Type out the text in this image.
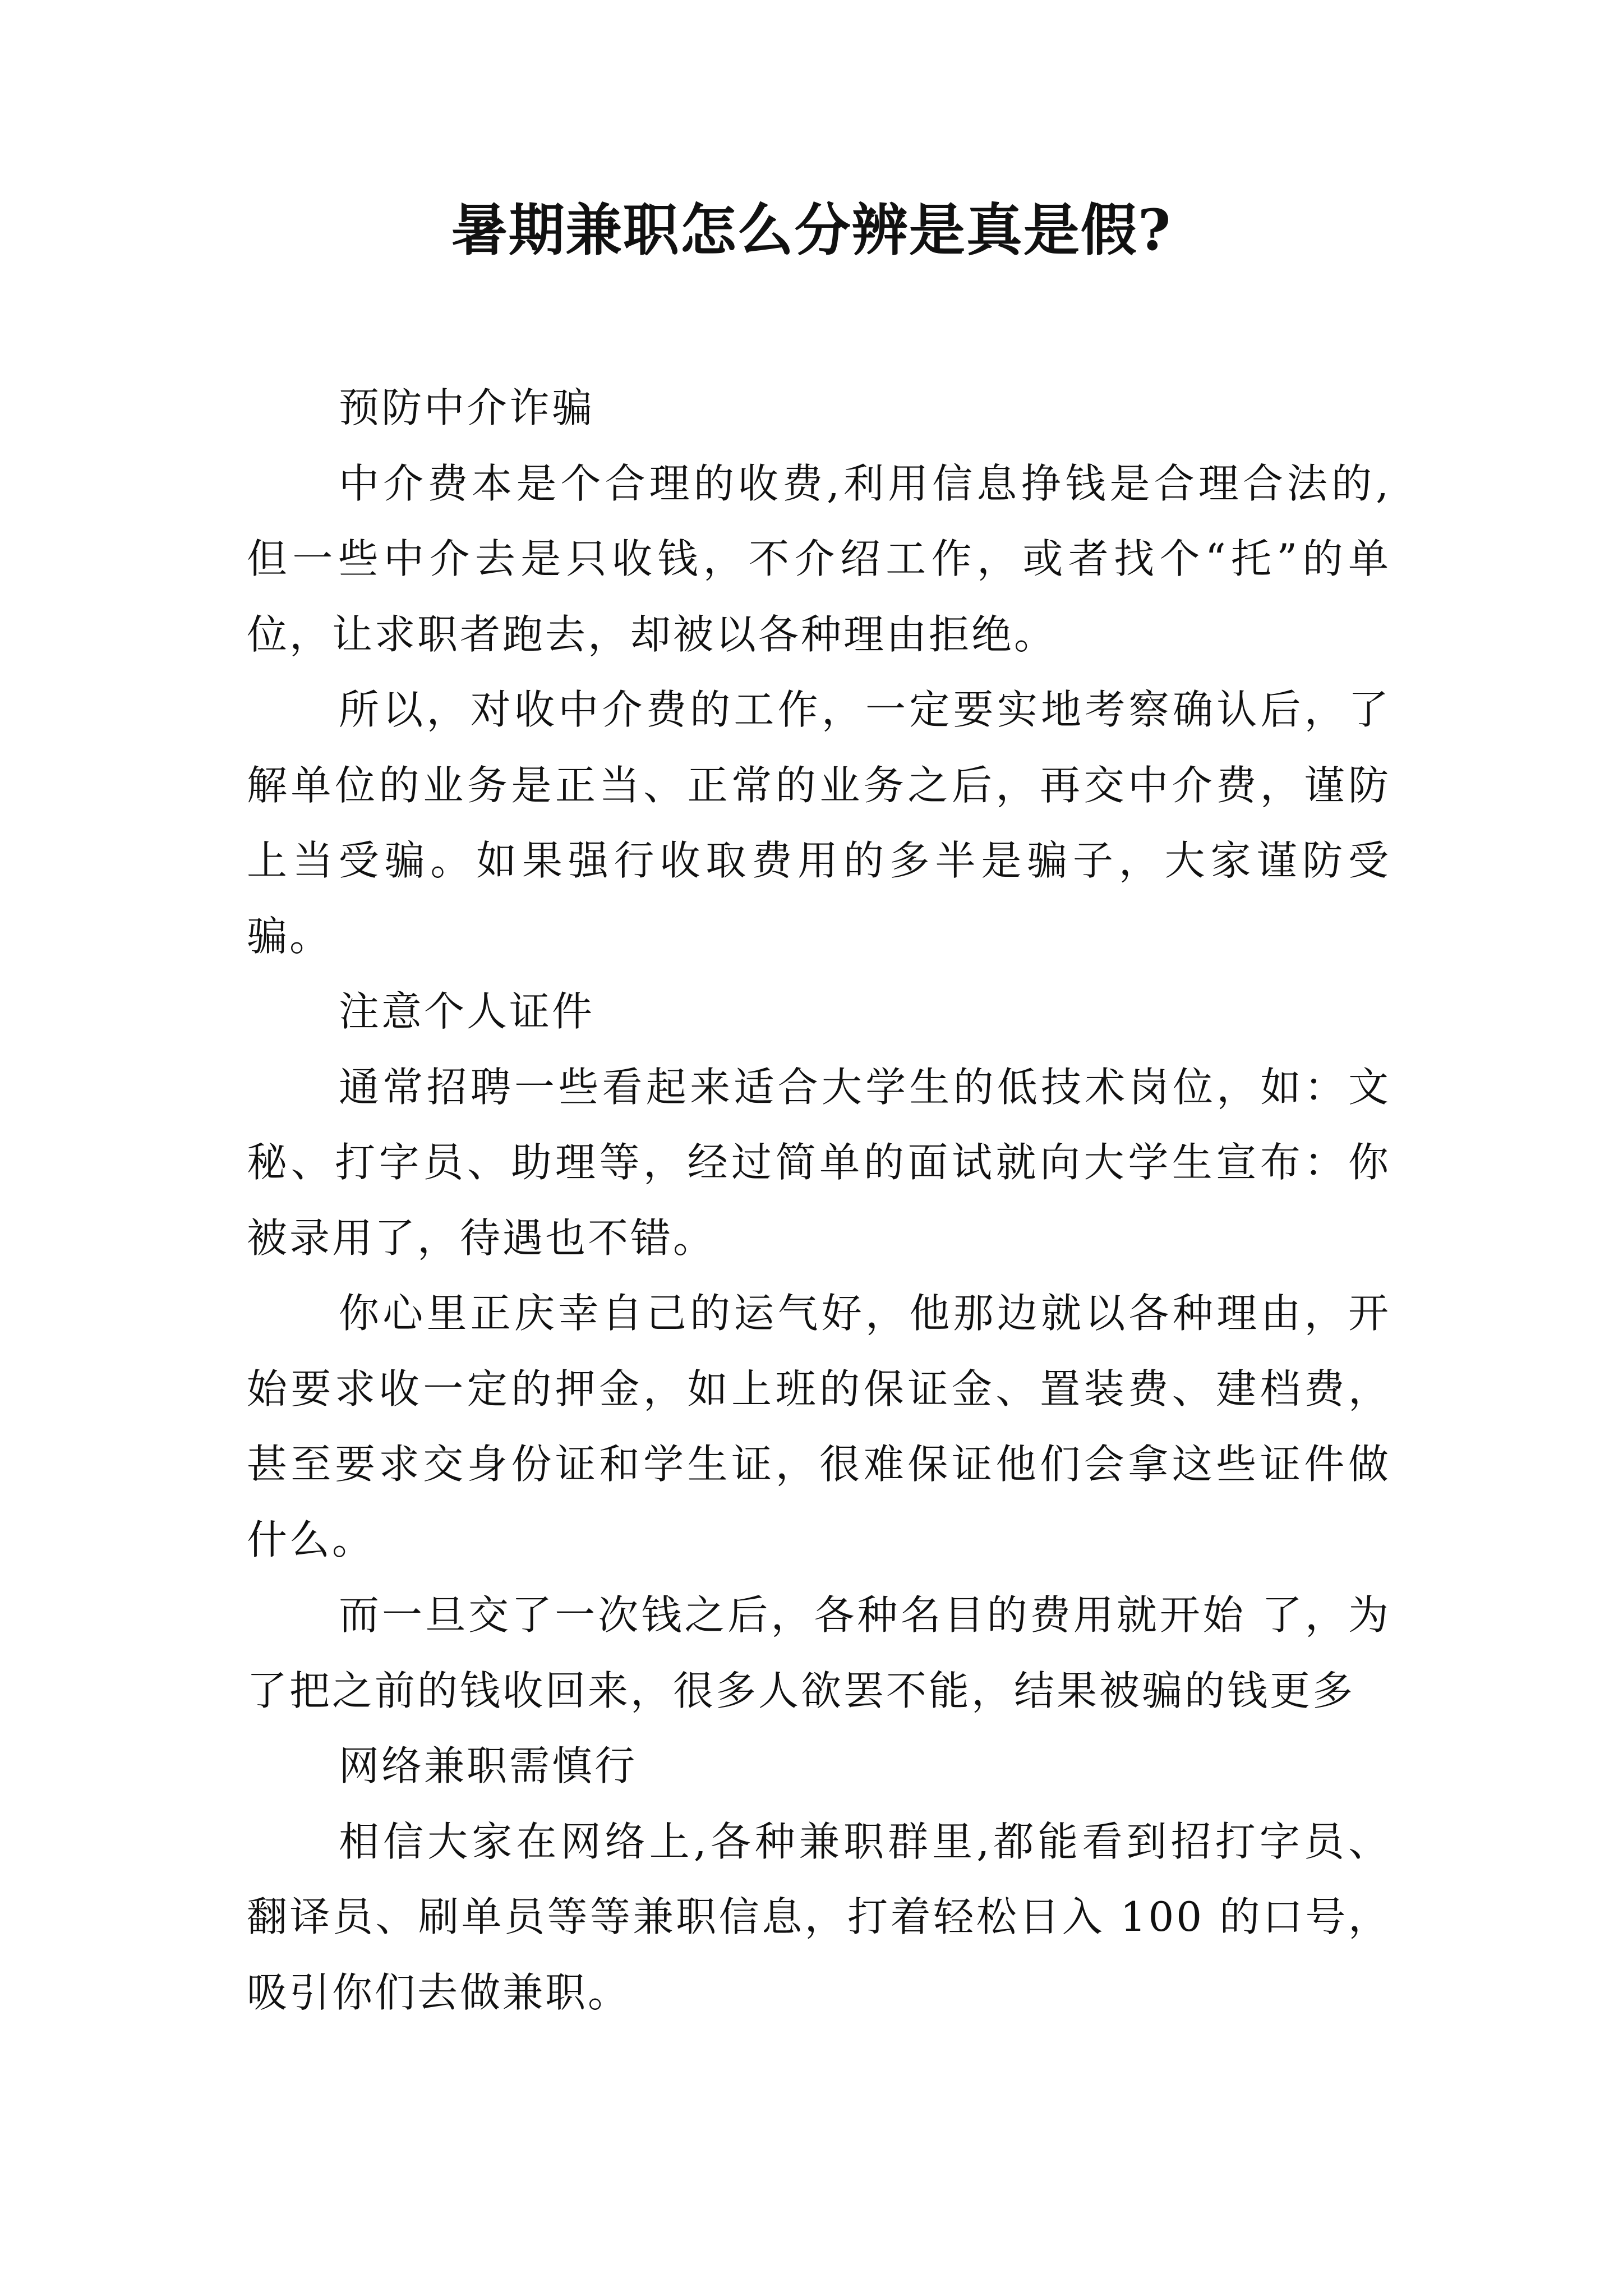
暑期兼职怎么分辨是真是假?

预防中介诈骗

中介费本是个合理的收费,利用信息挣钱是合理合法的,但一些中介去是只收钱，不介绍工作，或者找个“托”的单位，让求职者跑去，却被以各种理由拒绝。

所以，对收中介费的工作，一定要实地考察确认后，了解单位的业务是正当、正常的业务之后，再交中介费，谨防上当受骗。如果强行收取费用的多半是骗子，大家谨防受骗。

注意个人证件

通常招聘一些看起来适合大学生的低技术岗位，如：文秘、打字员、助理等，经过简单的面试就向大学生宣布：你被录用了，待遇也不错。

你心里正庆幸自己的运气好，他那边就以各种理由，开始要求收一定的押金，如上班的保证金、置装费、建档费，甚至要求交身份证和学生证，很难保证他们会拿这些证件做什么。

而一旦交了一次钱之后，各种名目的费用就开始 了，为了把之前的钱收回来，很多人欲罢不能，结果被骗的钱更多

网络兼职需慎行

相信大家在网络上,各种兼职群里,都能看到招打字员、翻译员、刷单员等等兼职信息，打着轻松日入 100 的口号，吸引你们去做兼职。
